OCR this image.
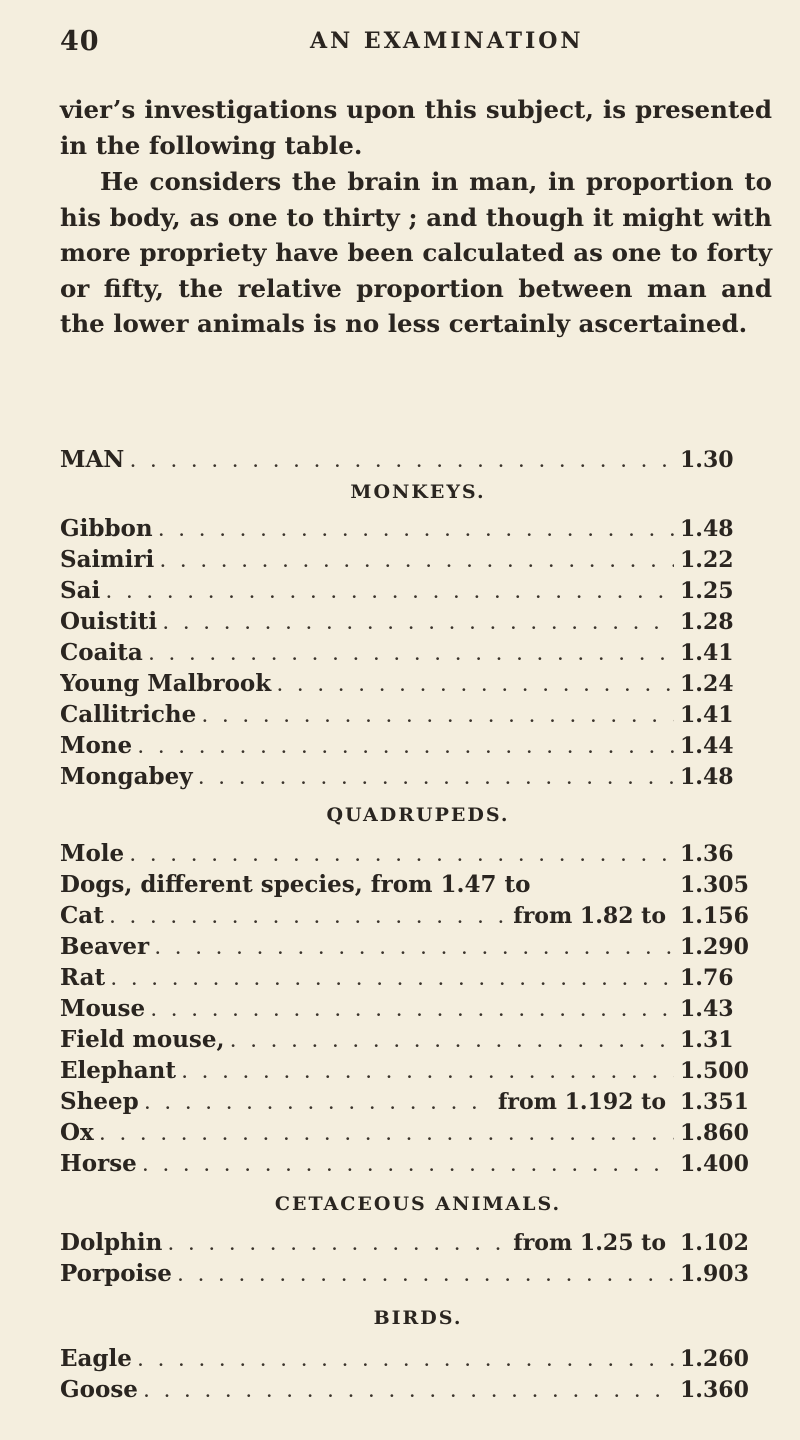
40	AN EXAMINATION

vier’s investigations upon this subject, is presented in the following table.

He considers the brain in man, in proportion to his body, as one to thirty ; and though it might with more propriety have been calculated as one to forty or fifty, the relative proportion between man and the lower animals is no less certainly ascertained.

MAN . . .	1.30
MONKEYS.
Gibbon . . .	1.48
Saimiri . . .	1.22
Sai . . .	1.25
Ouistiti . . .	1.28
Coaita . . .	1.41
Young Malbrook . . .	1.24
Callitriche . . .	1.41
Mone . . .	1.44
Mongabey . . .	1.48
QUADRUPEDS.
Mole . . .	1.36
Dogs, different species, from 1.47 to	1.305
Cat . . .	from 1.82 to 1.156
Beaver . . .	1.290
Rat . . .	1.76
Mouse . . .	1.43
Field mouse, . . .	1.31
Elephant . . .	1.500
Sheep . . .	from 1.192 to 1.351
Ox . . .	1.860
Horse . . .	1.400
CETACEOUS ANIMALS.
Dolphin . . .	from 1.25 to 1.102
Porpoise . . .	1.903
BIRDS.
Eagle . . .	1.260
Goose . . .	1.360
